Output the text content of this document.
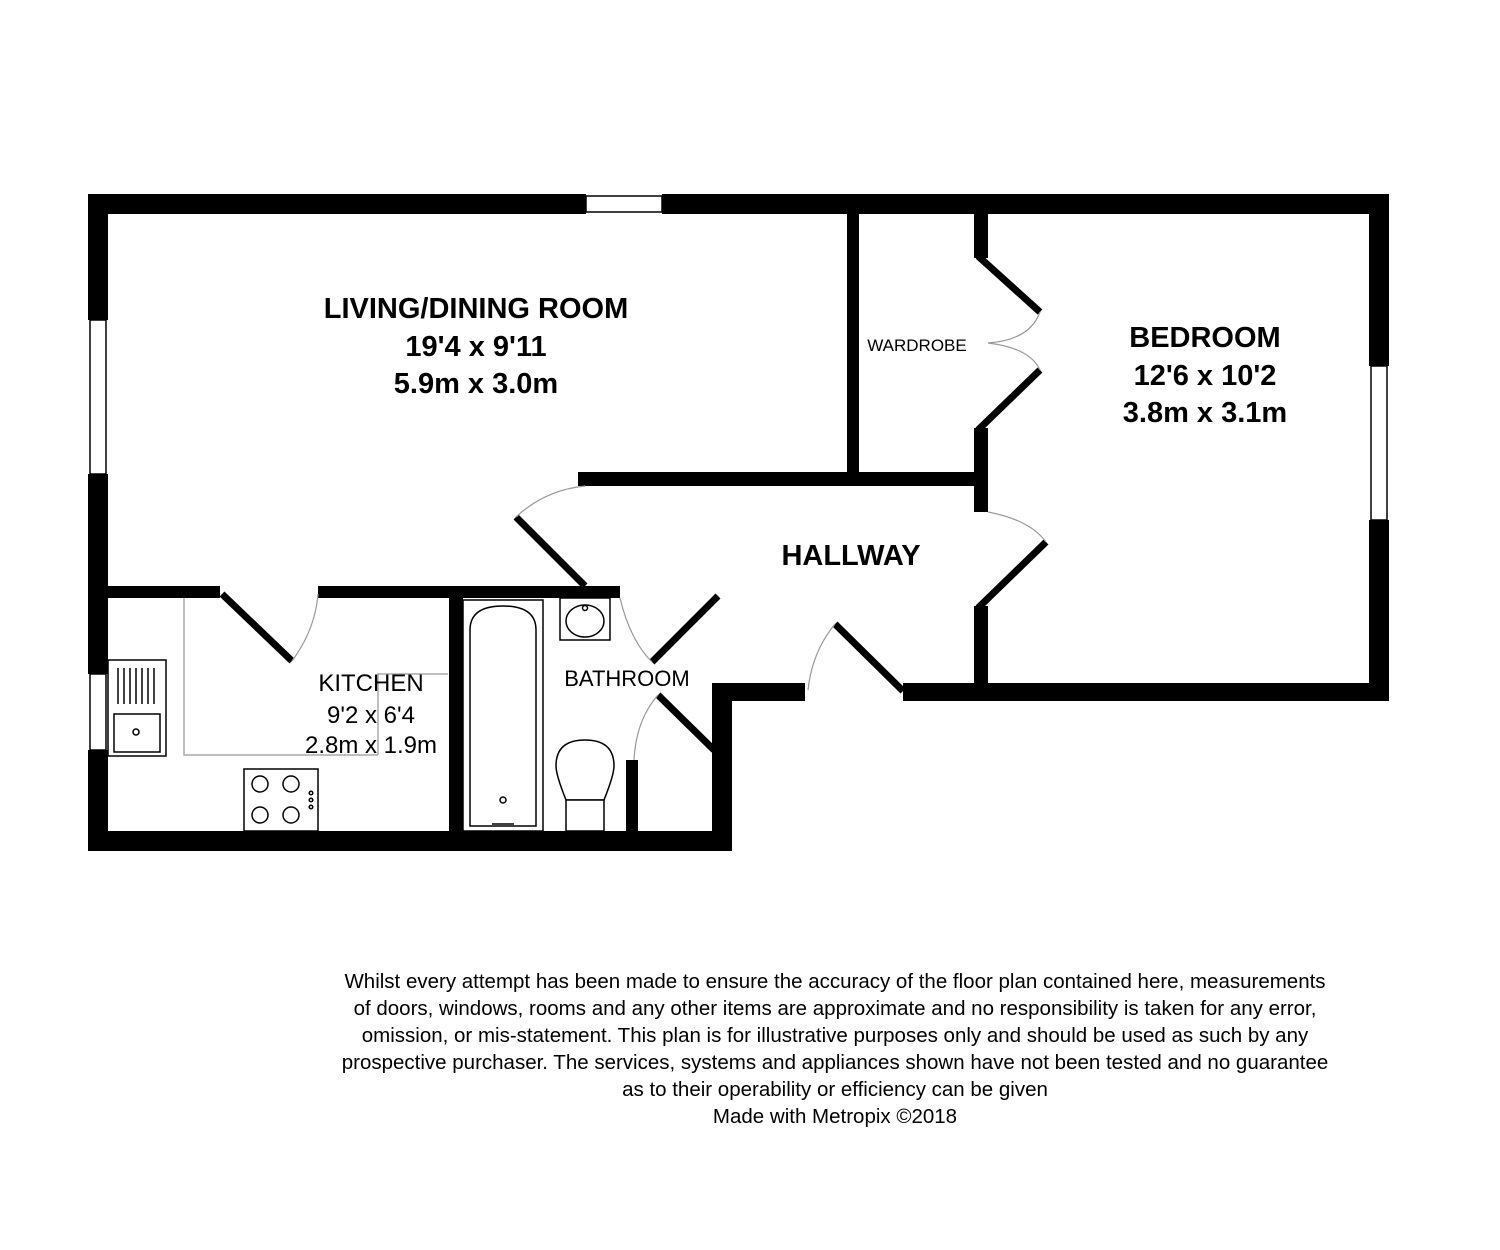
LIVING/DINING ROOM
19'4 x 9'11
5.9m x 3.0m
BEDROOM
12'6 x 10'2
3.8m x 3.1m
HALLWAY
KITCHEN
9'2 x 6'4
2.8m x 1.9m
BATHROOM
WARDROBE
Whilst every attempt has been made to ensure the accuracy of the floor plan contained here, measurements
of doors, windows, rooms and any other items are approximate and no responsibility is taken for any error,
omission, or mis-statement. This plan is for illustrative purposes only and should be used as such by any
prospective purchaser. The services, systems and appliances shown have not been tested and no guarantee
as to their operability or efficiency can be given
Made with Metropix ©2018
